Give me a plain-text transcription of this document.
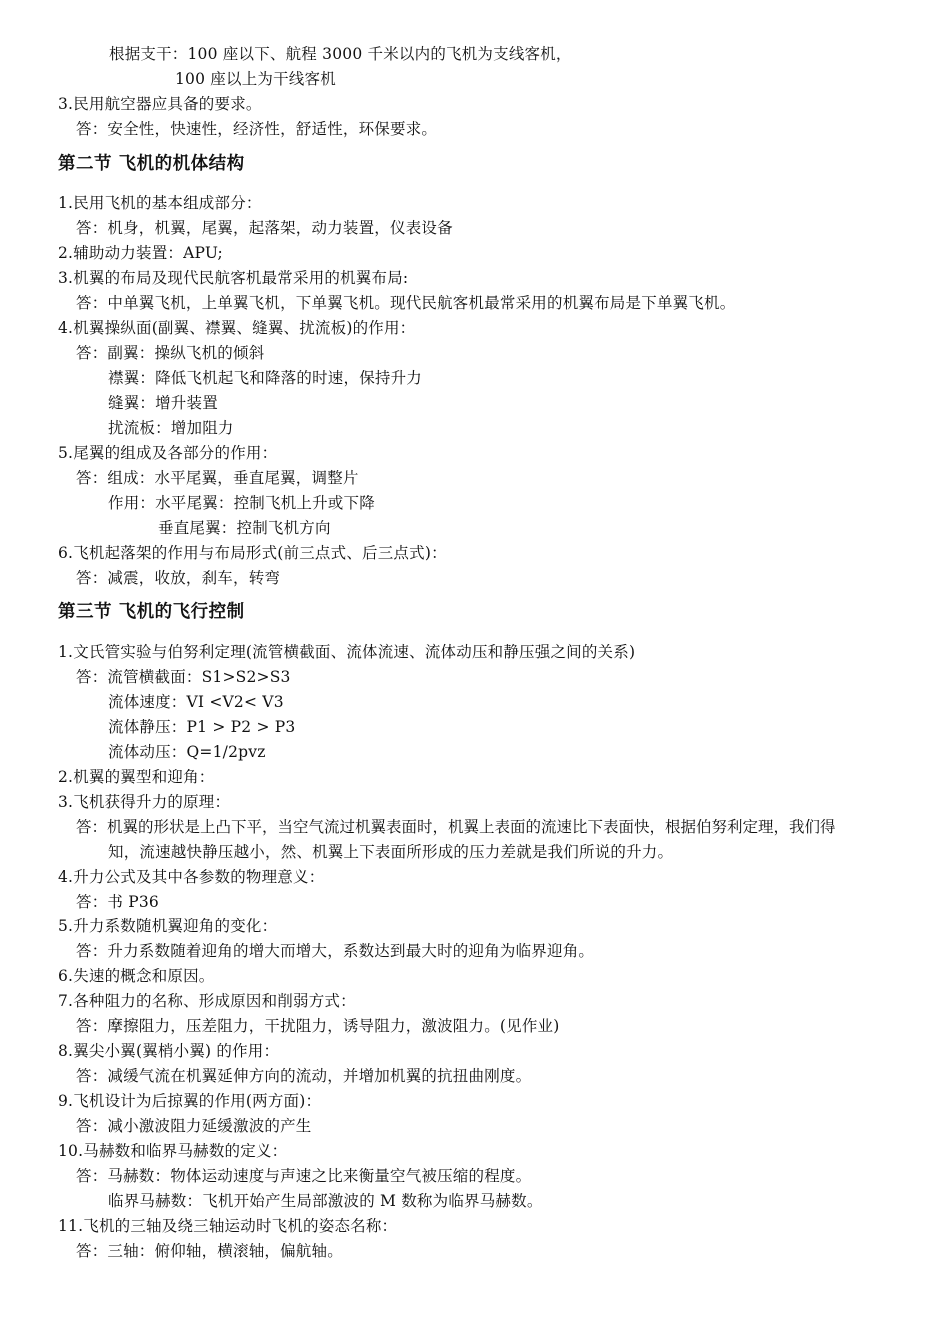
根据支干：100 座以下、航程 3000 千米以内的飞机为支线客机，

100 座以上为干线客机

3.民用航空器应具备的要求。

答：安全性，快速性，经济性，舒适性，环保要求。

第二节 飞机的机体结构

1.民用飞机的基本组成部分：

答：机身，机翼，尾翼，起落架，动力装置，仪表设备

2.辅助动力装置：APU;

3.机翼的布局及现代民航客机最常采用的机翼布局:

答：中单翼飞机，上单翼飞机，下单翼飞机。现代民航客机最常采用的机翼布局是下单翼飞机。

4.机翼操纵面(副翼、襟翼、缝翼、扰流板)的作用：

答：副翼：操纵飞机的倾斜

襟翼：降低飞机起飞和降落的时速，保持升力

缝翼：增升装置

扰流板：增加阻力

5.尾翼的组成及各部分的作用：

答：组成：水平尾翼，垂直尾翼，调整片

作用：水平尾翼：控制飞机上升或下降

垂直尾翼：控制飞机方向

6.飞机起落架的作用与布局形式(前三点式、后三点式)：

答：减震，收放，刹车，转弯

第三节 飞机的飞行控制

1.文氏管实验与伯努利定理(流管横截面、流体流速、流体动压和静压强之间的关系)

答：流管横截面：S1>S2>S3

流体速度：VI <V2< V3

流体静压：P1 > P2 > P3

流体动压：Q=1/2pvz

2.机翼的翼型和迎角：

3.飞机获得升力的原理：

答：机翼的形状是上凸下平，当空气流过机翼表面时，机翼上表面的流速比下表面快，根据伯努利定理，我们得

知，流速越快静压越小，然、机翼上下表面所形成的压力差就是我们所说的升力。

4.升力公式及其中各参数的物理意义：

答：书 P36

5.升力系数随机翼迎角的变化：

答：升力系数随着迎角的增大而增大，系数达到最大时的迎角为临界迎角。

6.失速的概念和原因。

7.各种阻力的名称、形成原因和削弱方式：

答：摩擦阻力，压差阻力，干扰阻力，诱导阻力，激波阻力。(见作业)

8.翼尖小翼(翼梢小翼) 的作用：

答：减缓气流在机翼延伸方向的流动，并增加机翼的抗扭曲刚度。

9.飞机设计为后掠翼的作用(两方面)：

答：减小激波阻力延缓激波的产生

10.马赫数和临界马赫数的定义：

答：马赫数：物体运动速度与声速之比来衡量空气被压缩的程度。

临界马赫数：飞机开始产生局部激波的 M 数称为临界马赫数。

11.飞机的三轴及绕三轴运动时飞机的姿态名称：

答：三轴：俯仰轴，横滚轴，偏航轴。
